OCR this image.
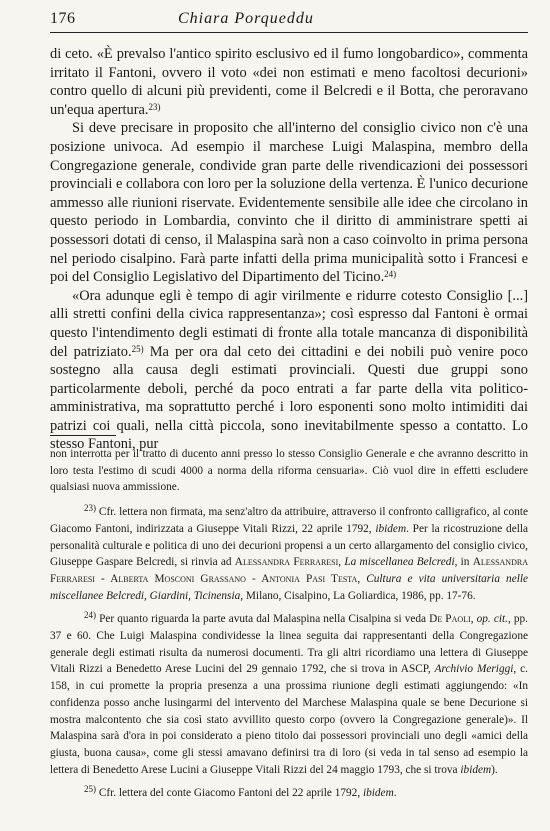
176	Chiara Porqueddu

di ceto. «È prevalso l'antico spirito esclusivo ed il fumo longobardico», commenta irritato il Fantoni, ovvero il voto «dei non estimati e meno facoltosi decurioni» contro quello di alcuni più previdenti, come il Belcredi e il Botta, che peroravano un'equa apertura.$^{23)}$

Si deve precisare in proposito che all'interno del consiglio civico non c'è una posizione univoca. Ad esempio il marchese Luigi Malaspina, membro della Congregazione generale, condivide gran parte delle rivendicazioni dei possessori provinciali e collabora con loro per la soluzione della vertenza. È l'unico decurione ammesso alle riunioni riservate. Evidentemente sensibile alle idee che circolano in questo periodo in Lombardia, convinto che il diritto di amministrare spetti ai possessori dotati di censo, il Malaspina sarà non a caso coinvolto in prima persona nel periodo cisalpino. Farà parte infatti della prima municipalità sotto i Francesi e poi del Consiglio Legislativo del Dipartimento del Ticino.$^{24)}$

«Ora adunque egli è tempo di agir virilmente e ridurre cotesto Consiglio [...] alli stretti confini della civica rappresentanza»; così espresso dal Fantoni è ormai questo l'intendimento degli estimati di fronte alla totale mancanza di disponibilità del patriziato.$^{25)}$ Ma per ora dal ceto dei cittadini e dei nobili può venire poco sostegno alla causa degli estimati provinciali. Questi due gruppi sono particolarmente deboli, perché da poco entrati a far parte della vita politico-amministrativa, ma soprattutto perché i loro esponenti sono molto intimiditi dai patrizi coi quali, nella città piccola, sono inevitabilmente spesso a contatto. Lo stesso Fantoni, pur

non interrotta per il tratto di ducento anni presso lo stesso Consiglio Generale e che avranno descritto in loro testa l'estimo di scudi 4000 a norma della riforma censuaria». Ciò vuol dire in effetti escludere qualsiasi nuova ammissione.

$^{23)}$ Cfr. lettera non firmata, ma senz'altro da attribuire, attraverso il confronto calligrafico, al conte Giacomo Fantoni, indirizzata a Giuseppe Vitali Rizzi, 22 aprile 1792, ibidem. Per la ricostruzione della personalità culturale e politica di uno dei decurioni propensi a un certo allargamento del consiglio civico, Giuseppe Gaspare Belcredi, si rinvia ad Alessandra Ferraresi, La miscellanea Belcredi, in Alessandra Ferraresi - Alberta Mosconi Grassano - Antonia Pasi Testa, Cultura e vita universitaria nelle miscellanee Belcredi, Giardini, Ticinensia, Milano, Cisalpino, La Goliardica, 1986, pp. 17-76.

$^{24)}$ Per quanto riguarda la parte avuta dal Malaspina nella Cisalpina si veda De Paoli, op. cit., pp. 37 e 60. Che Luigi Malaspina condividesse la linea seguita dai rappresentanti della Congregazione generale degli estimati risulta da numerosi documenti. Tra gli altri ricordiamo una lettera di Giuseppe Vitali Rizzi a Benedetto Arese Lucini del 29 gennaio 1792, che si trova in ASCP, Archivio Meriggi, c. 158, in cui promette la propria presenza a una prossima riunione degli estimati aggiungendo: «In confidenza posso anche lusingarmi del intervento del Marchese Malaspina quale se bene Decurione si mostra malcontento che sia così stato avvillito questo corpo (ovvero la Congregazione generale)». Il Malaspina sarà d'ora in poi considerato a pieno titolo dai possessori provinciali uno degli «amici della giusta, buona causa», come gli stessi amavano definirsi tra di loro (si veda in tal senso ad esempio la lettera di Benedetto Arese Lucini a Giuseppe Vitali Rizzi del 24 maggio 1793, che si trova ibidem).

$^{25)}$ Cfr. lettera del conte Giacomo Fantoni del 22 aprile 1792, ibidem.
